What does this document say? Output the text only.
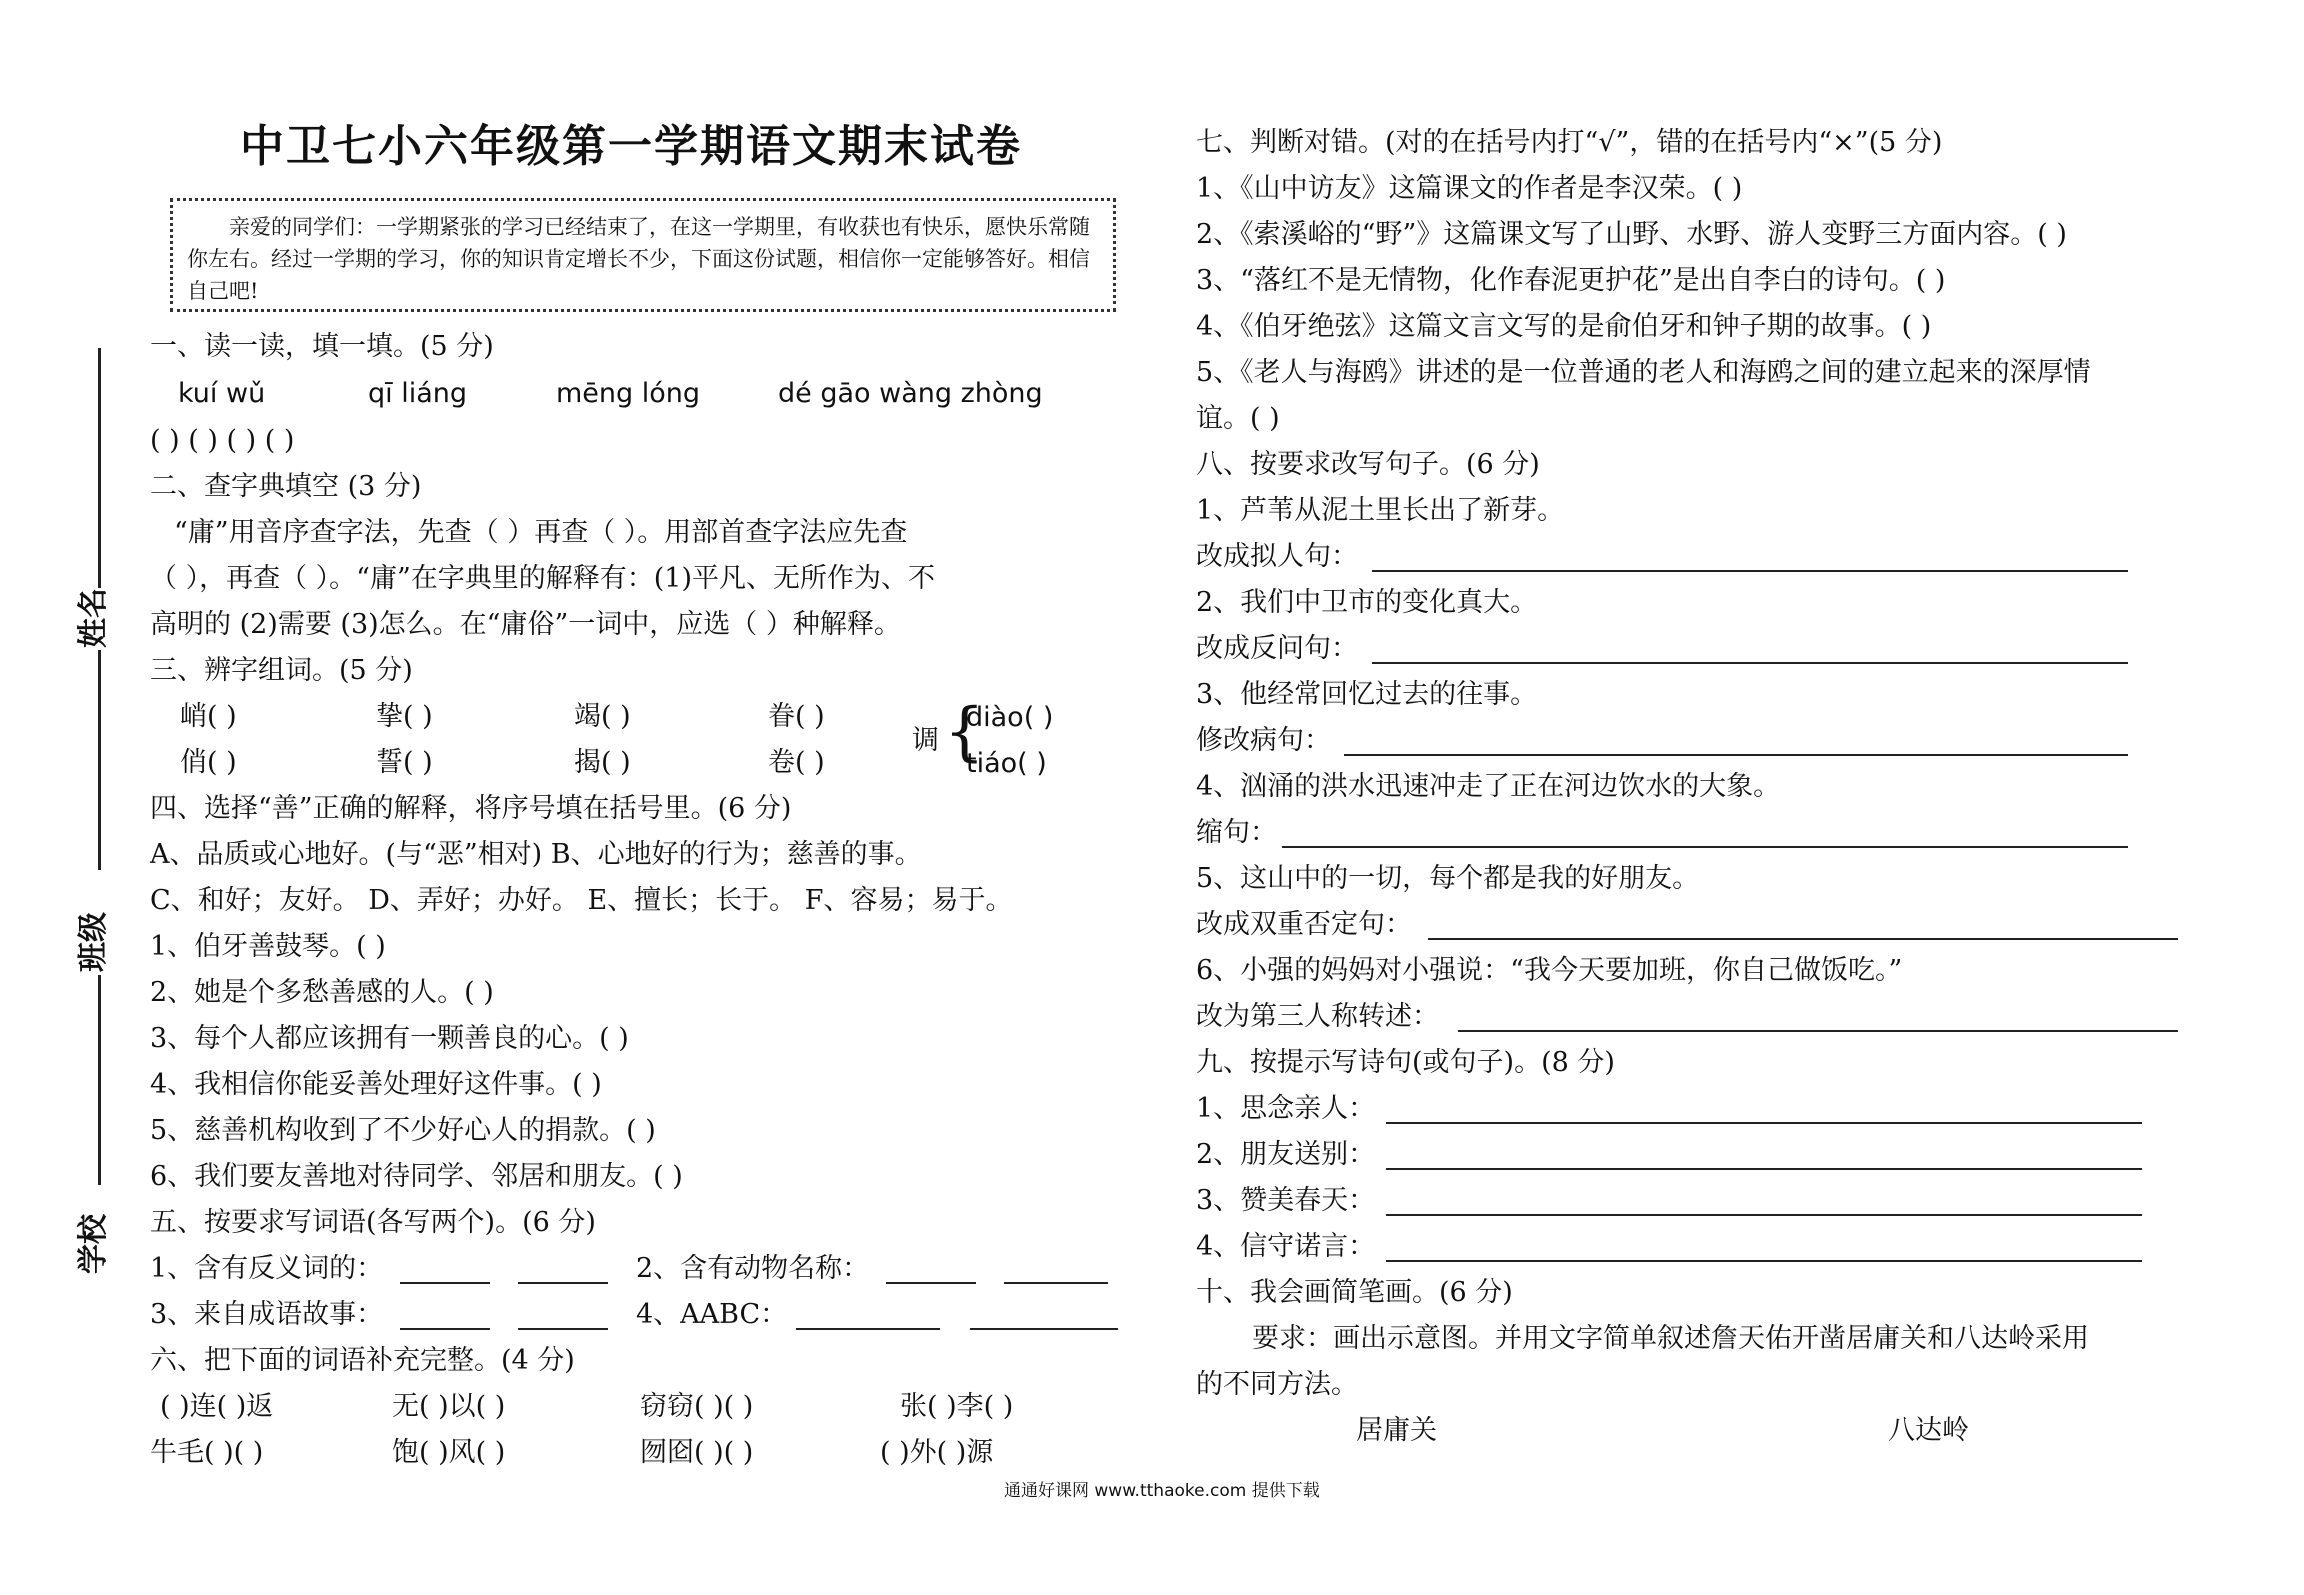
中卫七小六年级第一学期语文期末试卷
亲爱的同学们：一学期紧张的学习已经结束了，在这一学期里，有收获也有快乐，愿快乐常随你左右。经过一学期的学习，你的知识肯定增长不少，下面这份试题，相信你一定能够答好。相信自己吧!
姓名
班级
学校
一、读一读，填一填。(5 分)
kuí wǔ	qī liáng	mēng lóng	dé gāo wàng zhòng
( ) ( ) ( ) ( )
二、查字典填空 (3 分)
“庸”用音序查字法，先查（ ）再查（ ）。用部首查字法应先查
（ ），再查（ ）。“庸”在字典里的解释有：(1)平凡、无所作为、不
高明的 (2)需要 (3)怎么。在“庸俗”一词中，应选（ ）种解释。
三、辨字组词。(5 分)
峭( )	挚( )	竭( )	眷( )
俏( )	誓( )	揭( )	卷( )
调 {
diào( )
tiáo( )
四、选择“善”正确的解释，将序号填在括号里。(6 分)
A、品质或心地好。(与“恶”相对) B、心地好的行为；慈善的事。
C、和好；友好。 D、弄好；办好。 E、擅长；长于。 F、容易；易于。
1、伯牙善鼓琴。( )
2、她是个多愁善感的人。( )
3、每个人都应该拥有一颗善良的心。( )
4、我相信你能妥善处理好这件事。( )
5、慈善机构收到了不少好心人的捐款。( )
6、我们要友善地对待同学、邻居和朋友。( )
五、按要求写词语(各写两个)。(6 分)
1、含有反义词的：	2、含有动物名称：
3、来自成语故事：	4、AABC：
六、把下面的词语补充完整。(4 分)
( )连( )返	无( )以( )	窃窃( )( )	张( )李( )
牛毛( )( )	饱( )风( )	囫囵( )( )	( )外( )源
七、判断对错。(对的在括号内打“√”，错的在括号内“×”(5 分)
1、《山中访友》这篇课文的作者是李汉荣。( )
2、《索溪峪的“野”》这篇课文写了山野、水野、游人变野三方面内容。( )
3、“落红不是无情物，化作春泥更护花”是出自李白的诗句。( )
4、《伯牙绝弦》这篇文言文写的是俞伯牙和钟子期的故事。( )
5、《老人与海鸥》讲述的是一位普通的老人和海鸥之间的建立起来的深厚情
谊。( )
八、按要求改写句子。(6 分)
1、芦苇从泥土里长出了新芽。
改成拟人句：
2、我们中卫市的变化真大。
改成反问句：
3、他经常回忆过去的往事。
修改病句：
4、汹涌的洪水迅速冲走了正在河边饮水的大象。
缩句：
5、这山中的一切，每个都是我的好朋友。
改成双重否定句：
6、小强的妈妈对小强说：“我今天要加班，你自己做饭吃。”
改为第三人称转述：
九、按提示写诗句(或句子)。(8 分)
1、思念亲人：
2、朋友送别：
3、赞美春天：
4、信守诺言：
十、我会画简笔画。(6 分)
要求：画出示意图。并用文字简单叙述詹天佑开凿居庸关和八达岭采用
的不同方法。
居庸关	八达岭
通通好课网 www.tthaoke.com 提供下载
